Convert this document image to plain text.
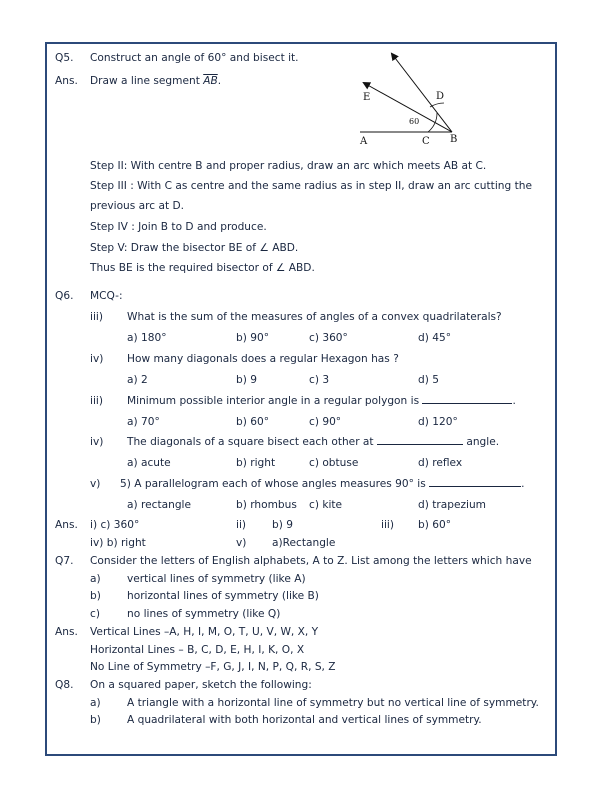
Q5. Construct an angle of 60° and bisect it.
Ans. Draw a line segment $\overline{AB}$.
E	D
60
A	C B
Step II: With centre B and proper radius, draw an arc which meets AB at C.
Step III : With C as centre and the same radius as in step II, draw an arc cutting the
previous arc at D.
Step IV : Join B to D and produce.
Step V: Draw the bisector BE of ∠ ABD.
Thus BE is the required bisector of ∠ ABD.
Q6. MCQ-:
iii) What is the sum of the measures of angles of a convex quadrilaterals?
a) 180°	b) 90°	c) 360°	d) 45°
iv) How many diagonals does a regular Hexagon has ?
a) 2	b) 9	c) 3	d) 5
iii) Minimum possible interior angle in a regular polygon is	.
a) 70°	b) 60°	c) 90°	d) 120°
iv) The diagonals of a square bisect each other at	angle.
a) acute	b) right	c) obtuse	d) reflex
v) 5) A parallelogram each of whose angles measures 90° is	.
a) rectangle	b) rhombus c) kite	d) trapezium
Ans. i) c) 360°	ii) b) 9	iii) b) 60°
iv) b) right	v) a)Rectangle
Q7. Consider the letters of English alphabets, A to Z. List among the letters which have
a) vertical lines of symmetry (like A)
b) horizontal lines of symmetry (like B)
c)	no lines of symmetry (like Q)
Ans. Vertical Lines –A, H, I, M, O, T, U, V, W, X, Y
Horizontal Lines – B, C, D, E, H, I, K, O, X
No Line of Symmetry –F, G, J, I, N, P, Q, R, S, Z
Q8. On a squared paper, sketch the following:
a) A triangle with a horizontal line of symmetry but no vertical line of symmetry.
b) A quadrilateral with both horizontal and vertical lines of symmetry.
